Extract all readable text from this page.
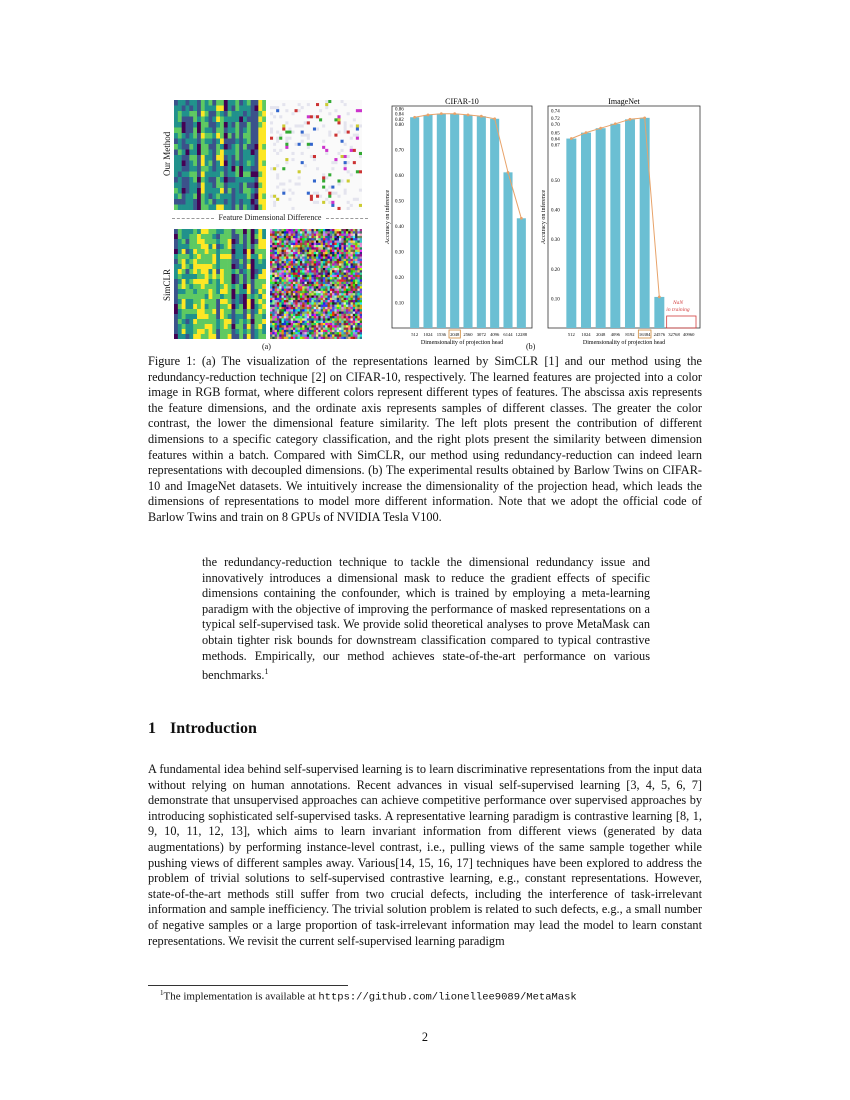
Our Method
SimCLR
Feature Dimensional Difference
(a)
CIFAR-10
0.10
0.20
0.30
0.40
0.50
0.60
0.70
0.80
0.82
0.84
0.86
Accuracy on inference
512 1024 1536 2048 2560 3072 4096 6144 12288
Dimensionality of projection head
ImageNet
0.10
0.20
0.30
0.40
0.50
0.67
0.64
0.65
0.70
0.72
0.74
Accuracy on inference
512 1024 2048 4096 8192 16384 24576 32768 40960
NaN
in training
Dimensionality of projection head
(b)
Figure 1: (a) The visualization of the representations learned by SimCLR [1] and our method using the redundancy-reduction technique [2] on CIFAR-10, respectively. The learned features are projected into a color image in RGB format, where different colors represent different types of features. The abscissa axis represents the feature dimensions, and the ordinate axis represents samples of different classes. The greater the color contrast, the lower the dimensional feature similarity. The left plots present the contribution of different dimensions to a specific category classification, and the right plots present the similarity between dimension features within a batch. Compared with SimCLR, our method using redundancy-reduction can indeed learn representations with decoupled dimensions. (b) The experimental results obtained by Barlow Twins on CIFAR-10 and ImageNet datasets. We intuitively increase the dimensionality of the projection head, which leads the dimensions of representations to model more different information. Note that we adopt the official code of Barlow Twins and train on 8 GPUs of NVIDIA Tesla V100.
the redundancy-reduction technique to tackle the dimensional redundancy issue and innovatively introduces a dimensional mask to reduce the gradient effects of specific dimensions containing the confounder, which is trained by employing a meta-learning paradigm with the objective of improving the performance of masked representations on a typical self-supervised task. We provide solid theoretical analyses to prove MetaMask can obtain tighter risk bounds for downstream classification compared to typical contrastive methods. Empirically, our method achieves state-of-the-art performance on various benchmarks.$^1$
1 Introduction
A fundamental idea behind self-supervised learning is to learn discriminative representations from the input data without relying on human annotations. Recent advances in visual self-supervised learning [3, 4, 5, 6, 7] demonstrate that unsupervised approaches can achieve competitive performance over supervised approaches by introducing sophisticated self-supervised tasks. A representative learning paradigm is contrastive learning [8, 1, 9, 10, 11, 12, 13], which aims to learn invariant information from different views (generated by data augmentations) by performing instance-level contrast, i.e., pulling views of the same sample together while pushing views of different samples away. Various[14, 15, 16, 17] techniques have been explored to address the problem of trivial solutions to self-supervised contrastive learning, e.g., constant representations. However, state-of-the-art methods still suffer from two crucial defects, including the interference of task-irrelevant information and sample inefficiency. The trivial solution problem is related to such defects, e.g., a small number of negative samples or a large proportion of task-irrelevant information may lead the model to learn constant representations. We revisit the current self-supervised learning paradigm
$^1$The implementation is available at https://github.com/lionellee9089/MetaMask
2
